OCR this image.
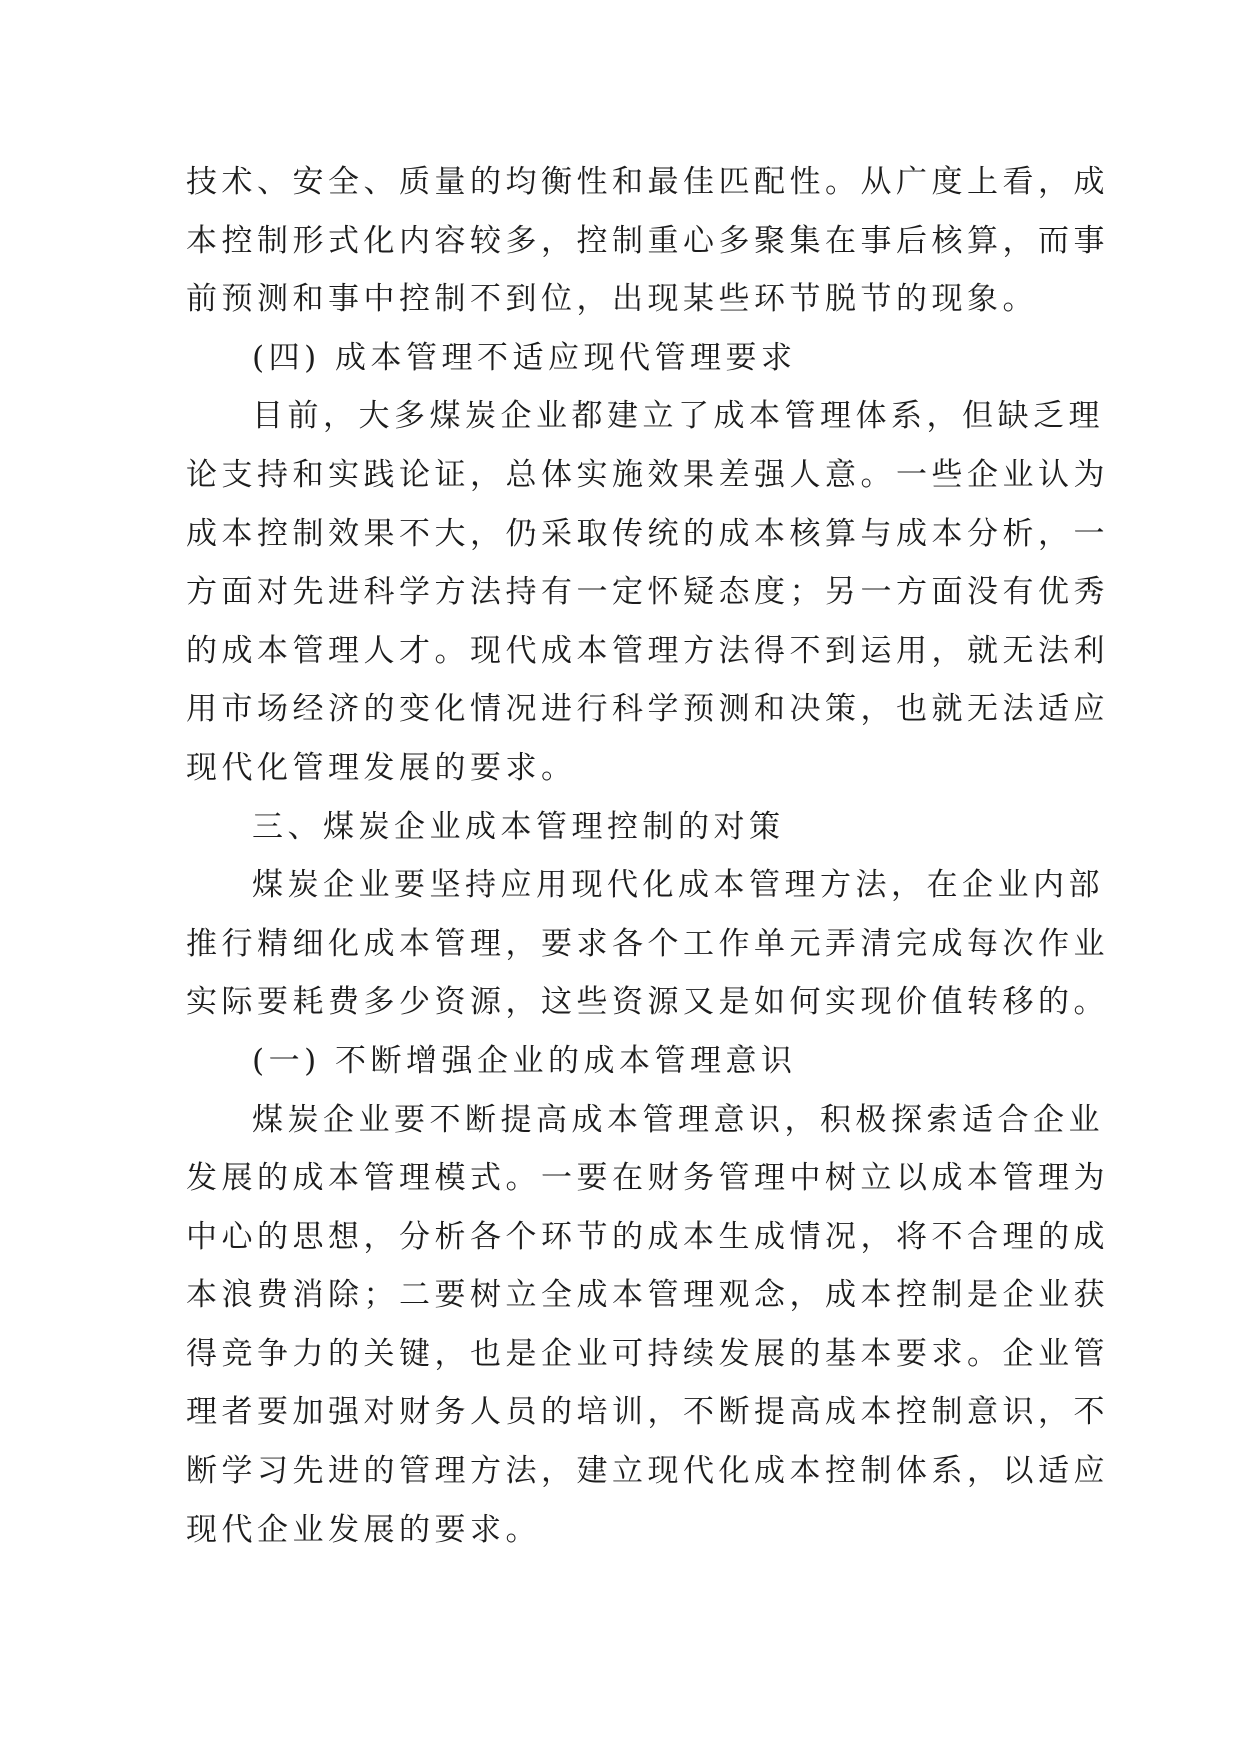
技术、安全、质量的均衡性和最佳匹配性。从广度上看，成
本控制形式化内容较多，控制重心多聚集在事后核算，而事
前预测和事中控制不到位，出现某些环节脱节的现象。

(四) 成本管理不适应现代管理要求

目前，大多煤炭企业都建立了成本管理体系，但缺乏理
论支持和实践论证，总体实施效果差强人意。一些企业认为
成本控制效果不大，仍采取传统的成本核算与成本分析，一
方面对先进科学方法持有一定怀疑态度；另一方面没有优秀
的成本管理人才。现代成本管理方法得不到运用，就无法利
用市场经济的变化情况进行科学预测和决策，也就无法适应
现代化管理发展的要求。

三、煤炭企业成本管理控制的对策

煤炭企业要坚持应用现代化成本管理方法，在企业内部
推行精细化成本管理，要求各个工作单元弄清完成每次作业
实际要耗费多少资源，这些资源又是如何实现价值转移的。

(一) 不断增强企业的成本管理意识

煤炭企业要不断提高成本管理意识，积极探索适合企业
发展的成本管理模式。一要在财务管理中树立以成本管理为
中心的思想，分析各个环节的成本生成情况，将不合理的成
本浪费消除；二要树立全成本管理观念，成本控制是企业获
得竞争力的关键，也是企业可持续发展的基本要求。企业管
理者要加强对财务人员的培训，不断提高成本控制意识，不
断学习先进的管理方法，建立现代化成本控制体系，以适应
现代企业发展的要求。
